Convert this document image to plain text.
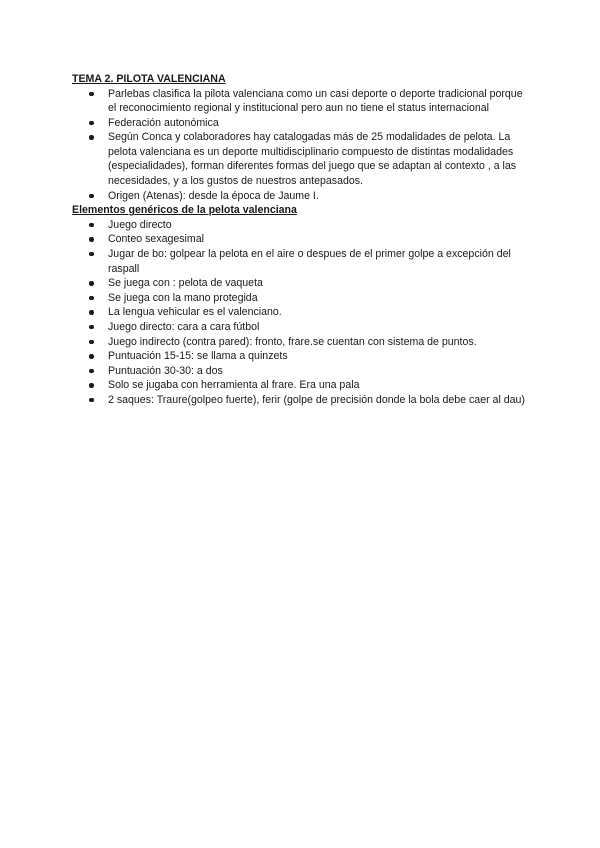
TEMA 2. PILOTA VALENCIANA

Parlebas clasifica la pilota valenciana como un casi deporte o deporte tradicional porque el reconocimiento regional y institucional pero aun no tiene el status internacional
Federación autonómica
Según Conca y colaboradores hay catalogadas más de 25 modalidades de pelota. La pelota valenciana es un deporte multidisciplinario compuesto de distintas modalidades (especialidades), forman diferentes formas del juego que se adaptan al contexto , a las necesidades, y a los gustos de nuestros antepasados.
Origen (Atenas): desde la época de Jaume I.

Elementos genéricos de la pelota valenciana

Juego directo
Conteo sexagesimal
Jugar de bo: golpear la pelota en el aire o despues de el primer golpe a excepción del raspall
Se juega con : pelota de vaqueta
Se juega con la mano protegida
La lengua vehicular es el valenciano.
Juego directo: cara a cara fútbol
Juego indirecto (contra pared): fronto, frare.se cuentan con sistema de puntos.
Puntuación 15-15: se llama a quinzets
Puntuación 30-30: a dos
Solo se jugaba con herramienta al frare. Era una pala
2 saques: Traure(golpeo fuerte), ferir (golpe de precisión donde la bola debe caer al dau)
